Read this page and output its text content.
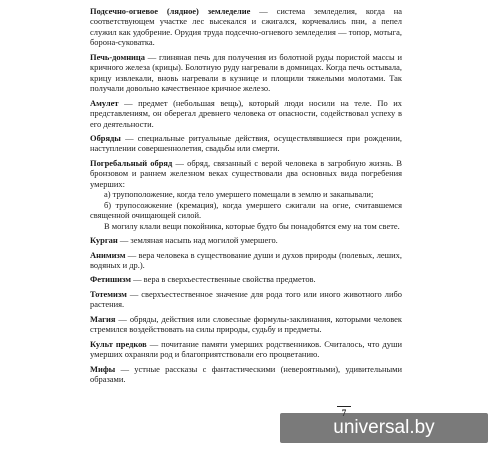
Подсечно-огневое (лядное) земледелие — система земледелия, когда на соответствующем участке лес высекался и сжигался, корчевались пни, а пепел служил как удобрение. Орудия труда подсечно-огневого земледелия — топор, мотыга, борона-суковатка.

Печь-домница — глиняная печь для получения из болотной руды пористой массы и кричного железа (крицы). Болотную руду нагревали в домницах. Когда печь остывала, крицу извлекали, вновь нагревали в кузнице и площили тяжелыми молотами. Так получали довольно качественное кричное железо.

Амулет — предмет (небольшая вещь), который люди носили на теле. По их представлениям, он оберегал древнего человека от опасности, содействовал успеху в его деятельности.

Обряды — специальные ритуальные действия, осуществлявшиеся при рождении, наступлении совершеннолетия, свадьбы или смерти.

Погребальный обряд — обряд, связанный с верой человека в загробную жизнь. В бронзовом и раннем железном веках существовали два основных вида погребения умерших:

а) трупоположение, когда тело умершего помещали в землю и закапывали;

б) трупосожжение (кремация), когда умершего сжигали на огне, считавшемся священной очищающей силой.

В могилу клали вещи покойника, которые будто бы понадобятся ему на том свете.

Курган — земляная насыпь над могилой умершего.

Анимизм — вера человека в существование души и духов природы (полевых, леших, водяных и др.).

Фетишизм — вера в сверхъестественные свойства предметов.

Тотемизм — сверхъестественное значение для рода того или иного животного либо растения.

Магия — обряды, действия или словесные формулы-заклинания, которыми человек стремился воздействовать на силы природы, судьбу и предметы.

Культ предков — почитание памяти умерших родственников. Считалось, что души умерших охраняли род и благоприятствовали его процветанию.

Мифы — устные рассказы с фантастическими (невероятными), удивительными образами.

universal.by
